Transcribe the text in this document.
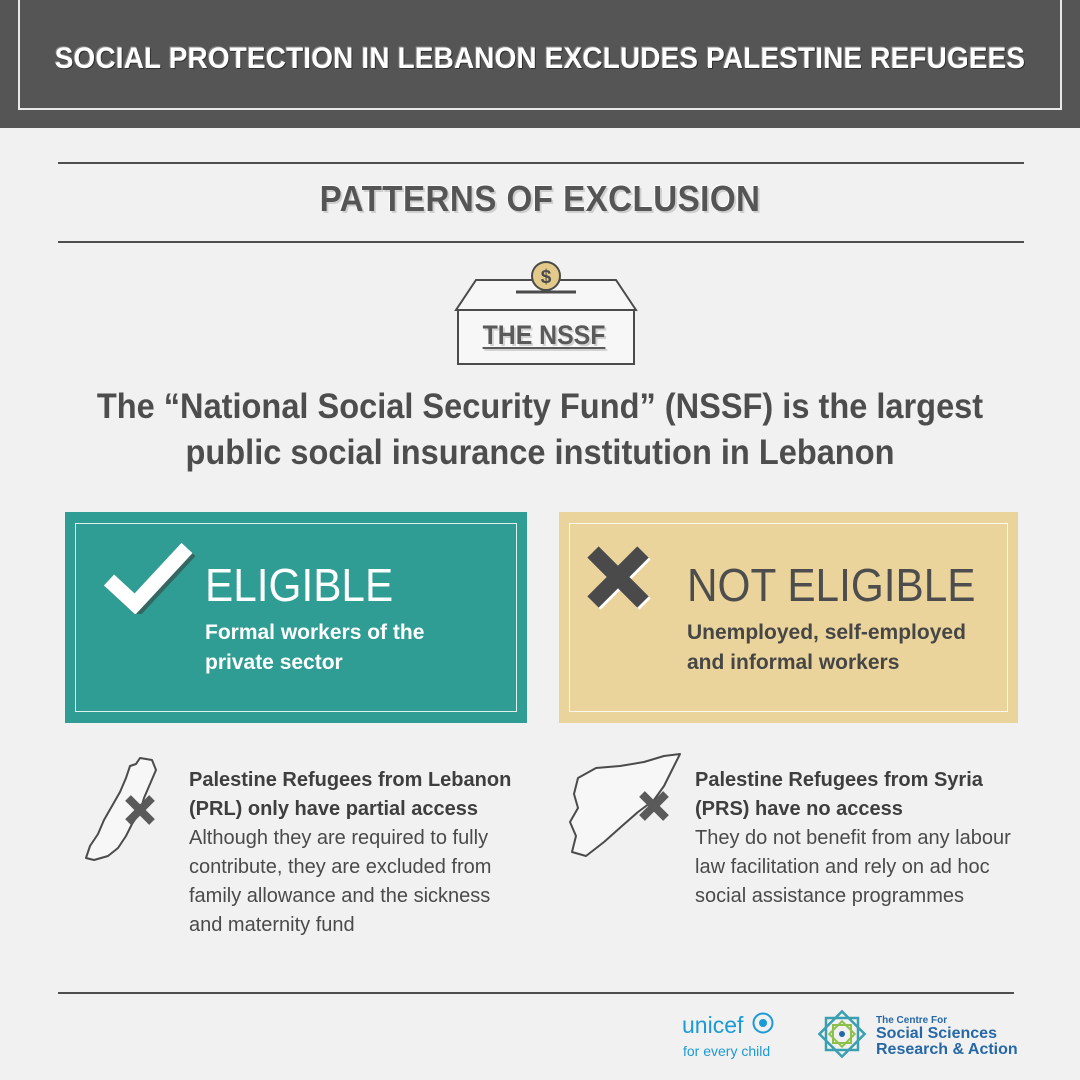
SOCIAL PROTECTION IN LEBANON EXCLUDES PALESTINE REFUGEES
PATTERNS OF EXCLUSION
$
THE NSSF
The “National Social Security Fund” (NSSF) is the largest
public social insurance institution in Lebanon
ELIGIBLE
Formal workers of the
private sector
NOT ELIGIBLE
Unemployed, self-employed
and informal workers
Palestine Refugees from Lebanon
(PRL) only have partial access
Although they are required to fully
contribute, they are excluded from
family allowance and the sickness
and maternity fund
Palestine Refugees from Syria
(PRS) have no access
They do not benefit from any labour
law facilitation and rely on ad hoc
social assistance programmes
unicef
for every child
The Centre For
Social Sciences
Research & Action
